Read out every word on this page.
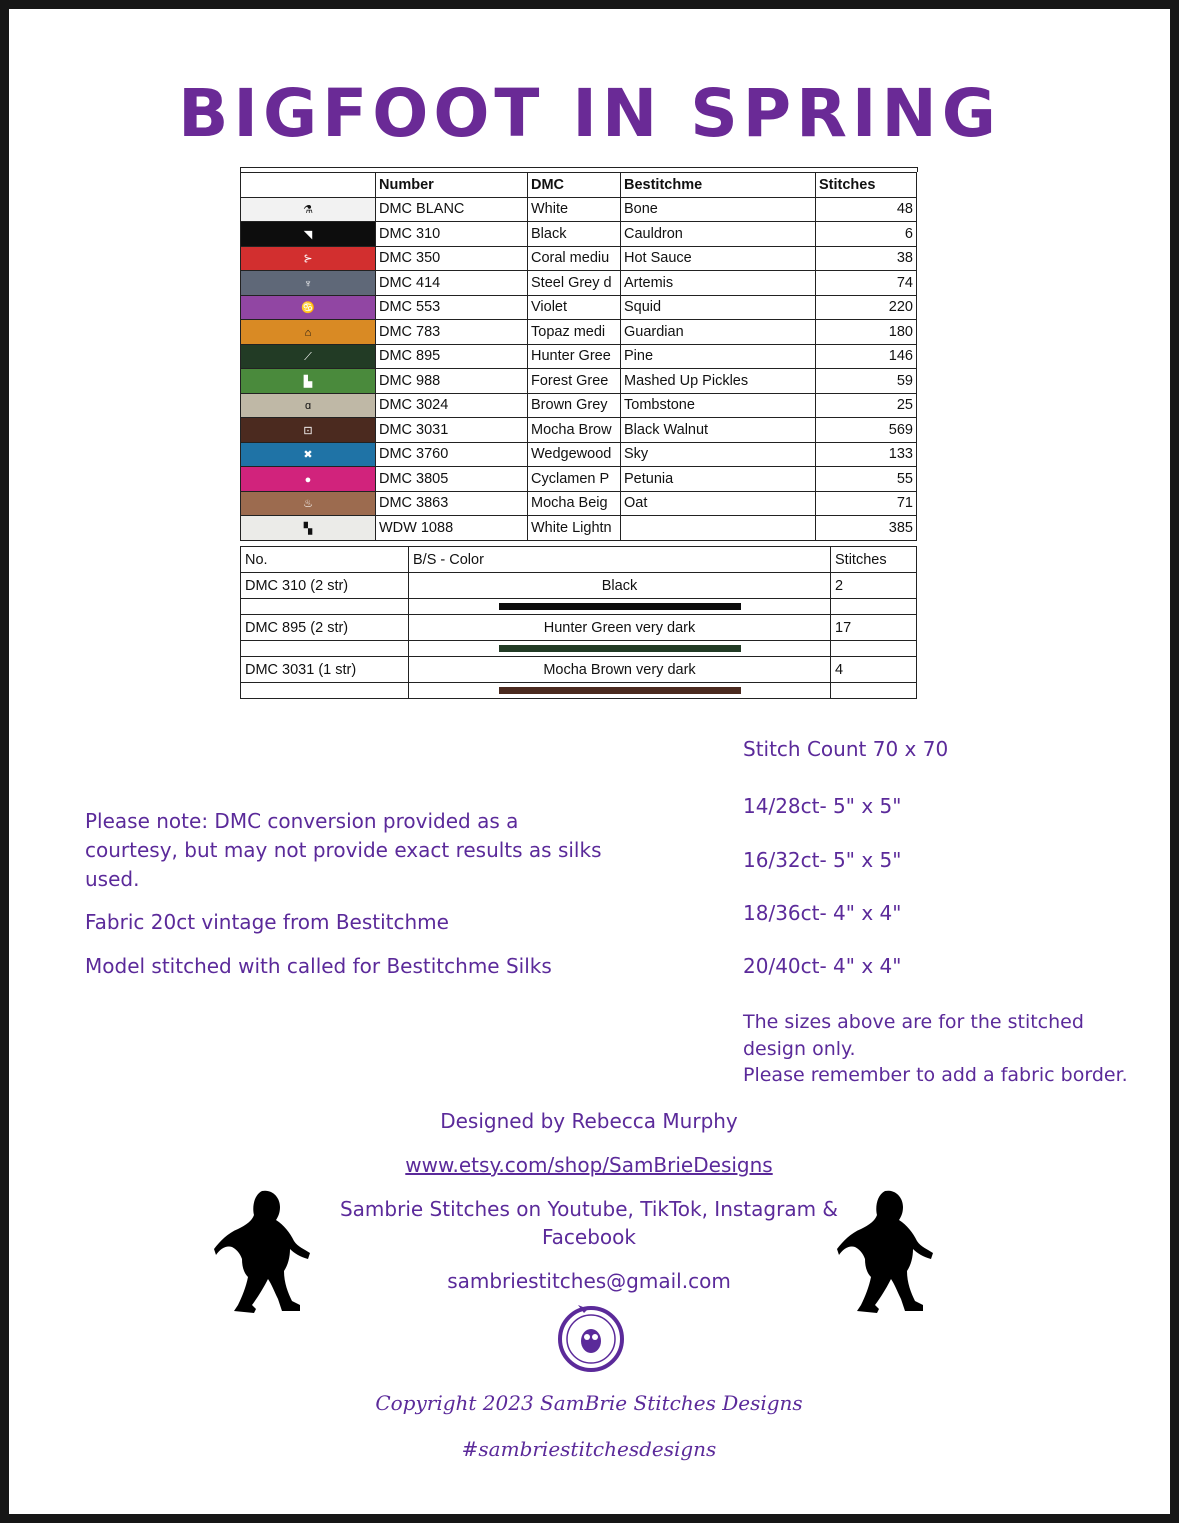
BIGFOOT IN SPRING
	Number	DMC	Bestitchme	Stitches
⚗	DMC BLANC	White	Bone	48
◥	DMC 310	Black	Cauldron	6
⊱	DMC 350	Coral mediu	Hot Sauce	38
♆	DMC 414	Steel Grey d	Artemis	74
♋	DMC 553	Violet	Squid	220
⌂	DMC 783	Topaz medi	Guardian	180
⟋	DMC 895	Hunter Gree	Pine	146
▙	DMC 988	Forest Gree	Mashed Up Pickles	59
ɑ	DMC 3024	Brown Grey	Tombstone	25
⊡	DMC 3031	Mocha Brow	Black Walnut	569
✖	DMC 3760	Wedgewood	Sky	133
●	DMC 3805	Cyclamen P	Petunia	55
♨	DMC 3863	Mocha Beig	Oat	71
▚	WDW 1088	White Lightn		385
No.	B/S - Color	Stitches
DMC 310 (2 str)	Black	2

DMC 895 (2 str)	Hunter Green very dark	17

DMC 3031 (1 str)	Mocha Brown very dark	4

Please note: DMC conversion provided as a
courtesy, but may not provide exact results as silks
used.
Fabric 20ct vintage from Bestitchme
Model stitched with called for Bestitchme Silks
Stitch Count 70 x 70
14/28ct- 5" x 5"
16/32ct- 5" x 5"
18/36ct- 4" x 4"
20/40ct- 4" x 4"
The sizes above are for the stitched
design only.
Please remember to add a fabric border.
Designed by Rebecca Murphy
www.etsy.com/shop/SamBrieDesigns
Sambrie Stitches on Youtube, TikTok, Instagram &
Facebook
sambriestitches@gmail.com
Copyright 2023 SamBrie Stitches Designs
#sambriestitchesdesigns
